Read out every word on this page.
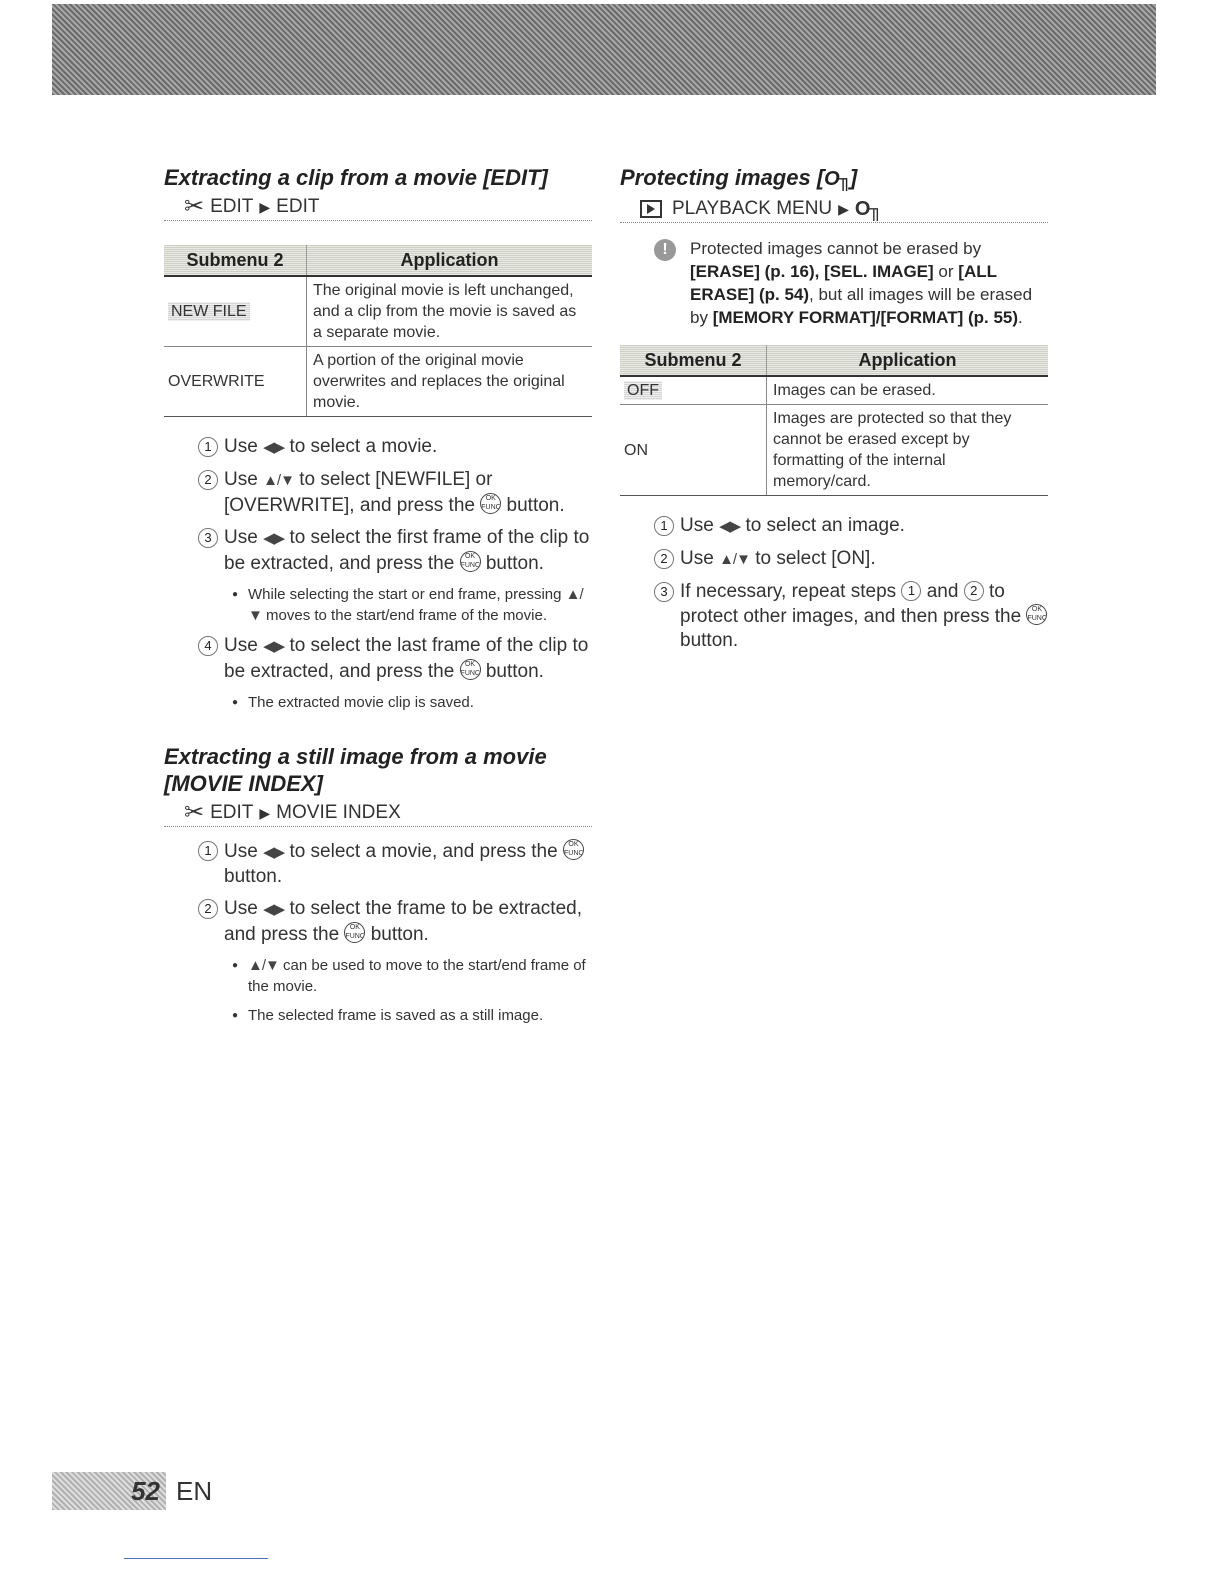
Extracting a clip from a movie [EDIT]
✂ EDIT ▶ EDIT
Submenu 2	Application
NEW FILE	The original movie is left unchanged, and a clip from the movie is saved as a separate movie.
OVERWRITE	A portion of the original movie overwrites and replaces the original movie.
1 Use ◀▶ to select a movie.
2 Use ▲/▼ to select [NEWFILE] or [OVERWRITE], and press the OK
FUNC button.
3 Use ◀▶ to select the first frame of the clip to be extracted, and press the OK
FUNC button.
● While selecting the start or end frame, pressing ▲/▼ moves to the start/end frame of the movie.
4 Use ◀▶ to select the last frame of the clip to be extracted, and press the OK
FUNC button.
● The extracted movie clip is saved.
Extracting a still image from a movie [MOVIE INDEX]
✂ EDIT ▶ MOVIE INDEX
1 Use ◀▶ to select a movie, and press the OK
FUNC button.
2 Use ◀▶ to select the frame to be extracted, and press the OK
FUNC button.
● ▲/▼ can be used to move to the start/end frame of the movie.
● The selected frame is saved as a still image.
Protecting images [O╖]
PLAYBACK MENU ▶ O╖
!	Protected images cannot be erased by [ERASE] (p. 16), [SEL. IMAGE] or [ALL ERASE] (p. 54), but all images will be erased by [MEMORY FORMAT]/[FORMAT] (p. 55).
Submenu 2	Application
OFF	Images can be erased.
ON	Images are protected so that they cannot be erased except by formatting of the internal memory/card.
1 Use ◀▶ to select an image.
2 Use ▲/▼ to select [ON].
3 If necessary, repeat steps 1 and 2 to protect other images, and then press the OK
FUNC button.
52 EN
